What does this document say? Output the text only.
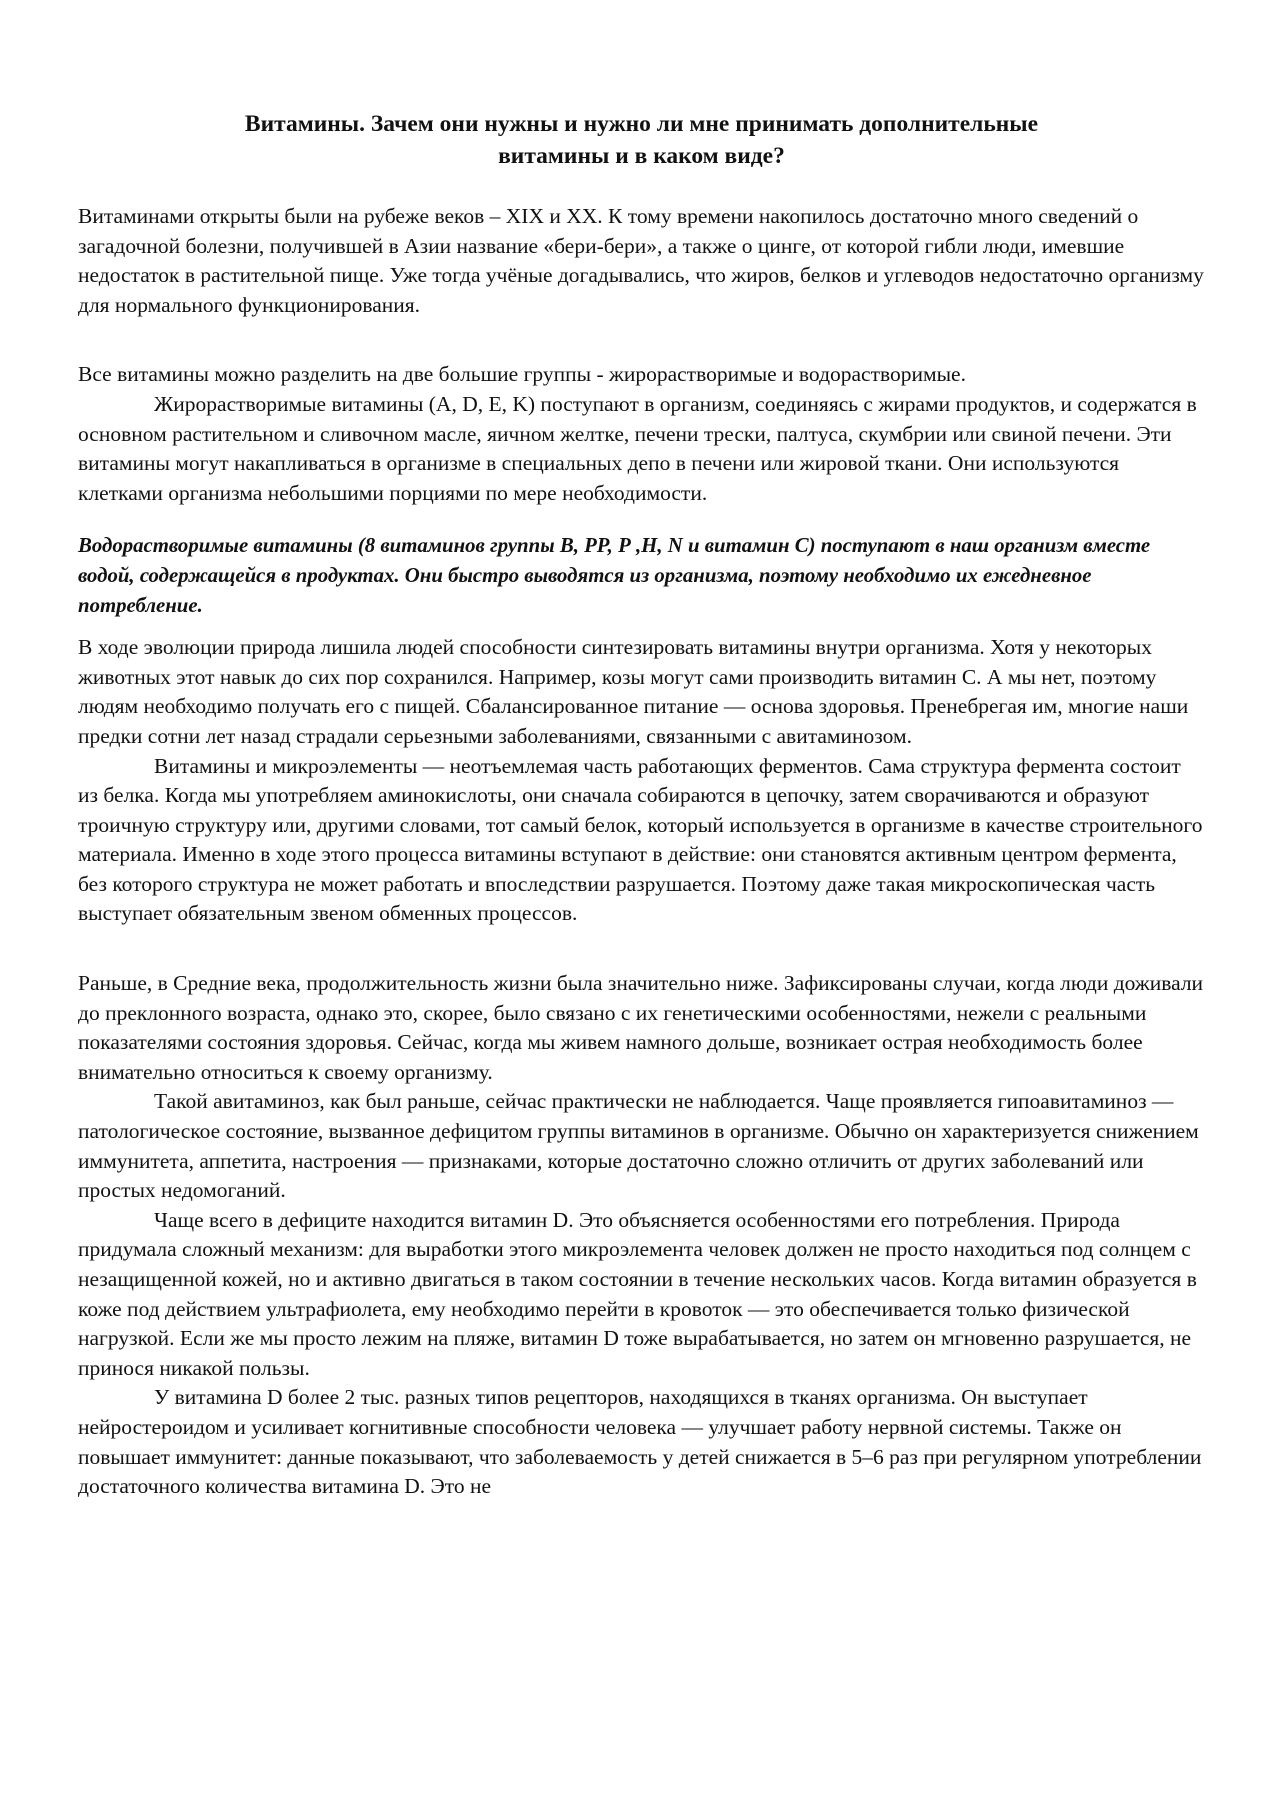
Витамины. Зачем они нужны и нужно ли мне принимать дополнительные
витамины и в каком виде?

Витаминами открыты были на рубеже веков – XIX и XX. К тому времени накопилось достаточно много сведений о загадочной болезни, получившей в Азии название «бери-бери», а также о цинге, от которой гибли люди, имевшие недостаток в растительной пище. Уже тогда учёные догадывались, что жиров, белков и углеводов недостаточно организму для нормального функционирования.

Все витамины можно разделить на две большие группы - жирорастворимые и водорастворимые.

Жирорастворимые витамины (A, D, E, K) поступают в организм, соединяясь с жирами продуктов, и содержатся в основном растительном и сливочном масле, яичном желтке, печени трески, палтуса, скумбрии или свиной печени. Эти витамины могут накапливаться в организме в специальных депо в печени или жировой ткани. Они используются клетками организма небольшими порциями по мере необходимости.

Водорастворимые витамины (8 витаминов группы В, РР, Р ,Н, N и витамин С) поступают в наш организм вместе водой, содержащейся в продуктах. Они быстро выводятся из организма, поэтому необходимо их ежедневное потребление.

В ходе эволюции природа лишила людей способности синтезировать витамины внутри организма. Хотя у некоторых животных этот навык до сих пор сохранился. Например, козы могут сами производить витамин С. А мы нет, поэтому людям необходимо получать его с пищей. Сбалансированное питание — основа здоровья. Пренебрегая им, многие наши предки сотни лет назад страдали серьезными заболеваниями, связанными с авитаминозом.

Витамины и микроэлементы — неотъемлемая часть работающих ферментов. Сама структура фермента состоит из белка. Когда мы употребляем аминокислоты, они сначала собираются в цепочку, затем сворачиваются и образуют троичную структуру или, другими словами, тот самый белок, который используется в организме в качестве строительного материала. Именно в ходе этого процесса витамины вступают в действие: они становятся активным центром фермента, без которого структура не может работать и впоследствии разрушается. Поэтому даже такая микроскопическая часть выступает обязательным звеном обменных процессов.

Раньше, в Средние века, продолжительность жизни была значительно ниже. Зафиксированы случаи, когда люди доживали до преклонного возраста, однако это, скорее, было связано с их генетическими особенностями, нежели с реальными показателями состояния здоровья. Сейчас, когда мы живем намного дольше, возникает острая необходимость более внимательно относиться к своему организму.

Такой авитаминоз, как был раньше, сейчас практически не наблюдается. Чаще проявляется гипоавитаминоз — патологическое состояние, вызванное дефицитом группы витаминов в организме. Обычно он характеризуется снижением иммунитета, аппетита, настроения — признаками, которые достаточно сложно отличить от других заболеваний или простых недомоганий.

Чаще всего в дефиците находится витамин D. Это объясняется особенностями его потребления. Природа придумала сложный механизм: для выработки этого микроэлемента человек должен не просто находиться под солнцем с незащищенной кожей, но и активно двигаться в таком состоянии в течение нескольких часов. Когда витамин образуется в коже под действием ультрафиолета, ему необходимо перейти в кровоток — это обеспечивается только физической нагрузкой. Если же мы просто лежим на пляже, витамин D тоже вырабатывается, но затем он мгновенно разрушается, не принося никакой пользы.

У витамина D более 2 тыс. разных типов рецепторов, находящихся в тканях организма. Он выступает нейростероидом и усиливает когнитивные способности человека — улучшает работу нервной системы. Также он повышает иммунитет: данные показывают, что заболеваемость у детей снижается в 5–6 раз при регулярном употреблении достаточного количества витамина D. Это не
